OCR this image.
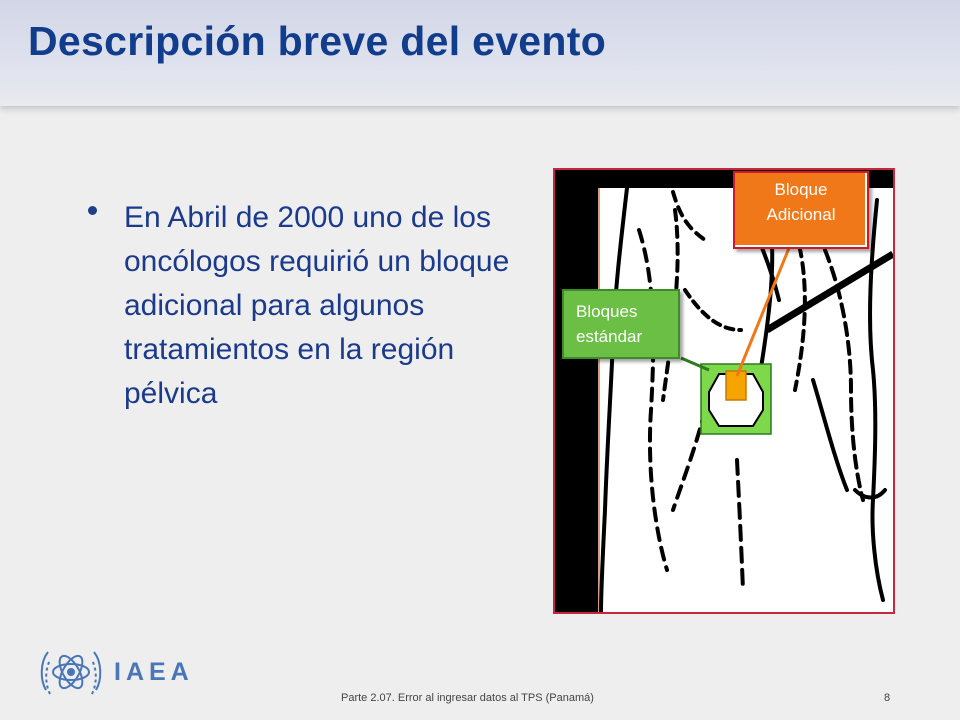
Descripción breve del evento
En Abril de 2000 uno de los oncólogos requirió un bloque adicional para algunos tratamientos en la región pélvica
Bloque
Adicional
Bloques
estándar
IAEA
Parte 2.07. Error al ingresar datos al TPS (Panamá)	8
